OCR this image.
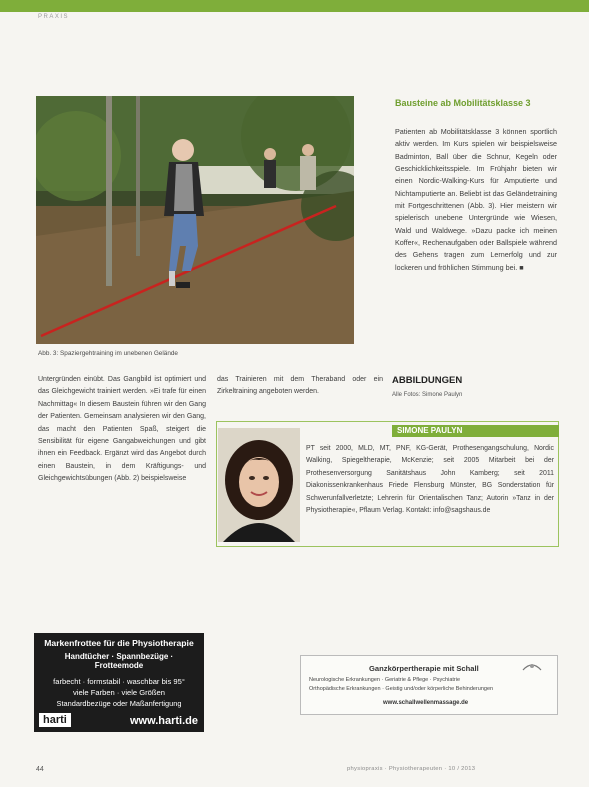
PRAXIS
Abb. 3: Spaziergehtraining im unebenen Gelände
Bausteine ab Mobilitätsklasse 3
Patienten ab Mobilitätsklasse 3 können sportlich aktiv werden. Im Kurs spielen wir beispielsweise Badminton, Ball über die Schnur, Kegeln oder Geschicklichkeitsspiele. Im Frühjahr bieten wir einen Nordic-Walking-Kurs für Amputierte und Nichtamputierte an. Beliebt ist das Geländetraining mit Fortgeschrittenen (Abb. 3). Hier meistern wir spielerisch unebene Untergründe wie Wiesen, Wald und Waldwege. »Dazu packe ich meinen Koffer«, Rechenaufgaben oder Ballspiele während des Gehens tragen zum Lernerfolg und zur lockeren und fröhlichen Stimmung bei. ■
Untergründen einübt. Das Gangbild ist optimiert und das Gleichgewicht trainiert werden. »Ei trafe für einen Nachmittag« In diesem Baustein führen wir den Gang der Patienten. Gemeinsam analysieren wir den Gang, das macht den Patienten Spaß, steigert die Sensibilität für eigene Gangabweichungen und gibt ihnen ein Feedback. Ergänzt wird das Angebot durch einen Baustein, in dem Kräftigungs- und Gleichgewichtsübungen (Abb. 2) beispielsweise
das Trainieren mit dem Theraband oder ein Zirkeltraining angeboten werden.
ABBILDUNGEN
Alle Fotos: Simone Paulyn
SIMONE PAULYN
PT seit 2000, MLD, MT, PNF, KG-Gerät, Prothesengangschulung, Nordic Walking, Spiegeltherapie, McKenzie; seit 2005 Mitarbeit bei der Prothesenversorgung Sanitätshaus John Kamberg; seit 2011 Diakonissenkrankenhaus Friede Flensburg Münster, BG Sonderstation für Schwerunfallverletzte; Lehrerin für Orientalischen Tanz; Autorin »Tanz in der Physiotherapie«, Pflaum Verlag. Kontakt: info@sagshaus.de
Markenfrottee für die Physiotherapie
Handtücher · Spannbezüge · Frotteemode
farbecht · formstabil · waschbar bis 95°
viele Farben · viele Größen
Standardbezüge oder Maßanfertigung
harti	www.harti.de
Ganzkörpertherapie mit Schall
Neurologische Erkrankungen · Geriatrie & Pflege · Psychiatrie
Orthopädische Erkrankungen · Geistig und/oder körperliche Behinderungen
www.schallwellenmassage.de
44	physiopraxis · Physiotherapeuten · 10 / 2013
